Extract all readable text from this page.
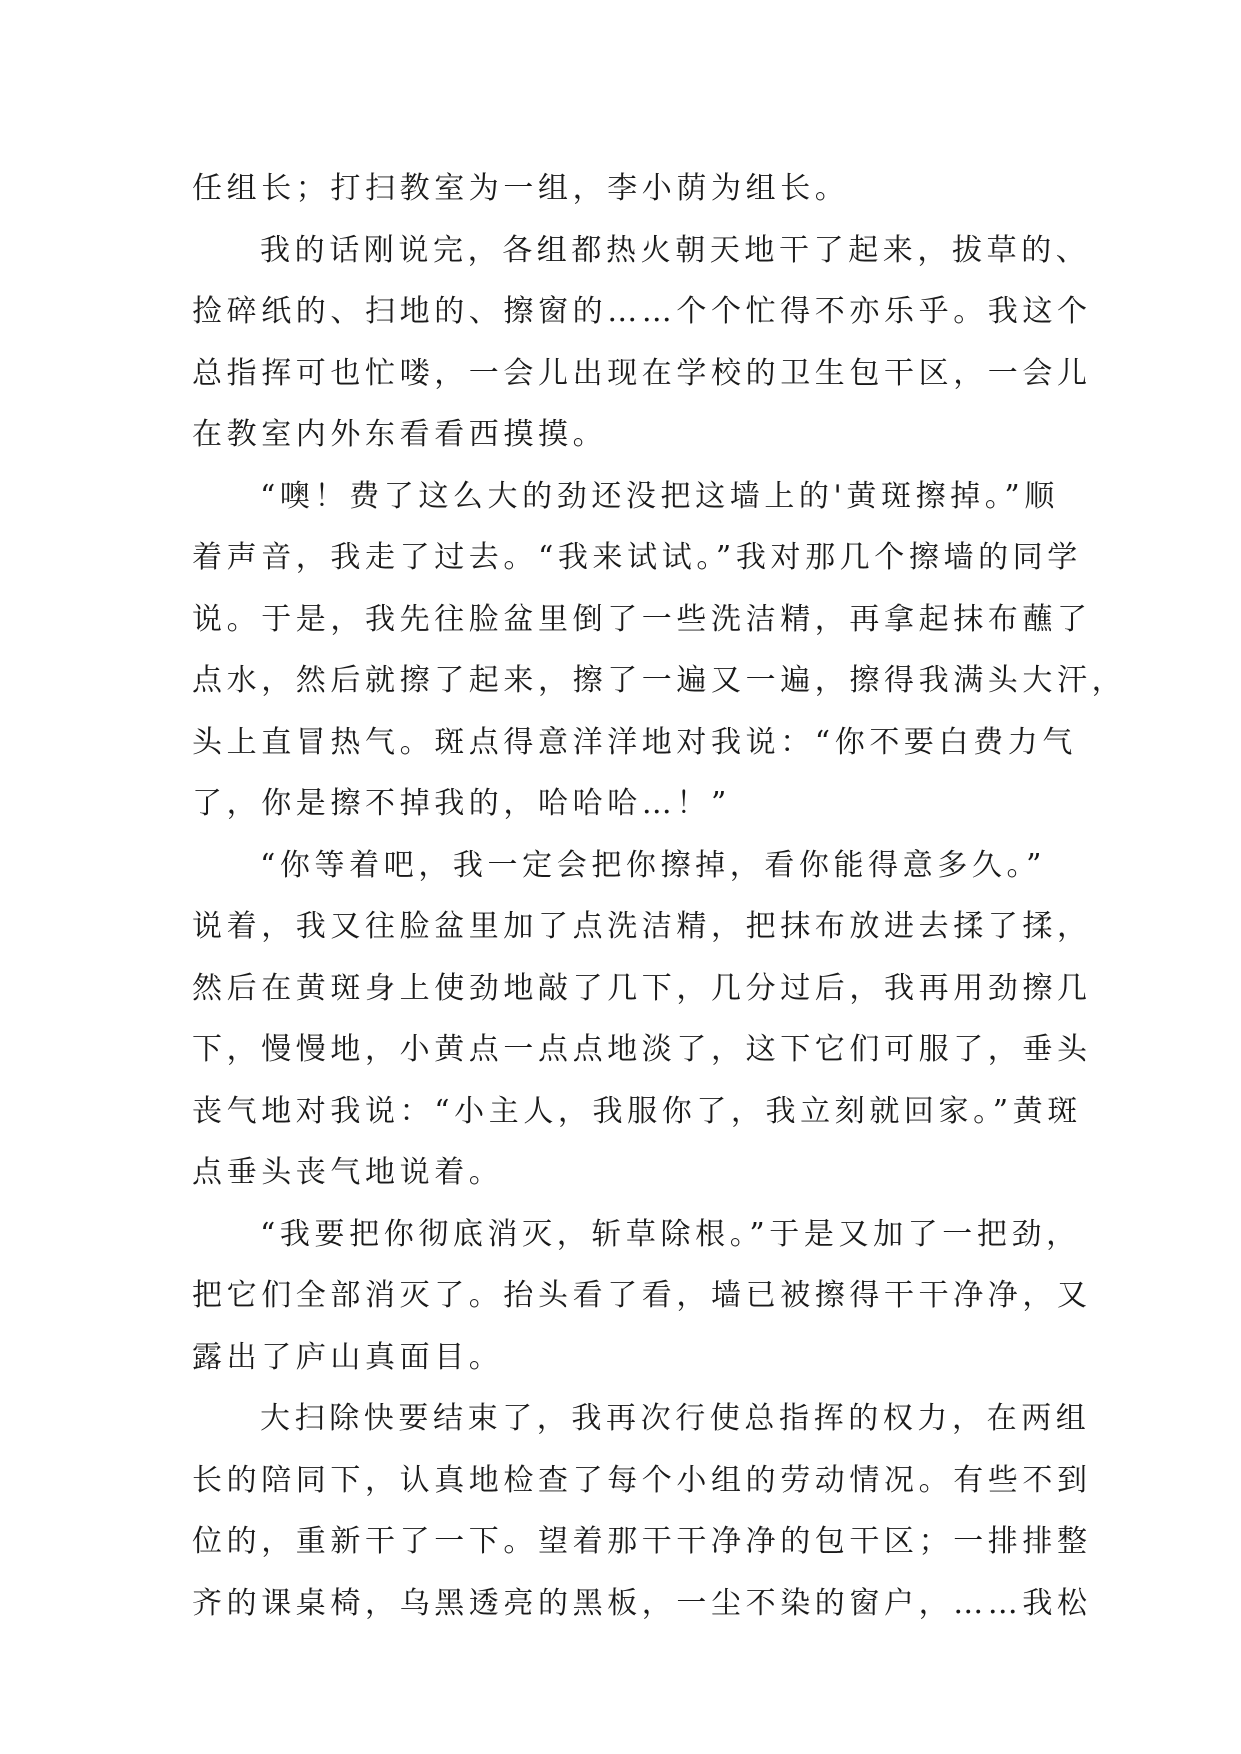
任组长；打扫教室为一组，李小荫为组长。
我的话刚说完，各组都热火朝天地干了起来，拔草的、
捡碎纸的、扫地的、擦窗的……个个忙得不亦乐乎。我这个
总指挥可也忙喽，一会儿出现在学校的卫生包干区，一会儿
在教室内外东看看西摸摸。
“噢！费了这么大的劲还没把这墙上的'黄斑擦掉。”顺
着声音，我走了过去。“我来试试。”我对那几个擦墙的同学
说。于是，我先往脸盆里倒了一些洗洁精，再拿起抹布蘸了
点水，然后就擦了起来，擦了一遍又一遍，擦得我满头大汗，
头上直冒热气。斑点得意洋洋地对我说：“你不要白费力气
了，你是擦不掉我的，哈哈哈…！”
“你等着吧，我一定会把你擦掉，看你能得意多久。”
说着，我又往脸盆里加了点洗洁精，把抹布放进去揉了揉，
然后在黄斑身上使劲地敲了几下，几分过后，我再用劲擦几
下，慢慢地，小黄点一点点地淡了，这下它们可服了，垂头
丧气地对我说：“小主人，我服你了，我立刻就回家。”黄斑
点垂头丧气地说着。
“我要把你彻底消灭，斩草除根。”于是又加了一把劲，
把它们全部消灭了。抬头看了看，墙已被擦得干干净净，又
露出了庐山真面目。
大扫除快要结束了，我再次行使总指挥的权力，在两组
长的陪同下，认真地检查了每个小组的劳动情况。有些不到
位的，重新干了一下。望着那干干净净的包干区；一排排整
齐的课桌椅，乌黑透亮的黑板，一尘不染的窗户，……我松
